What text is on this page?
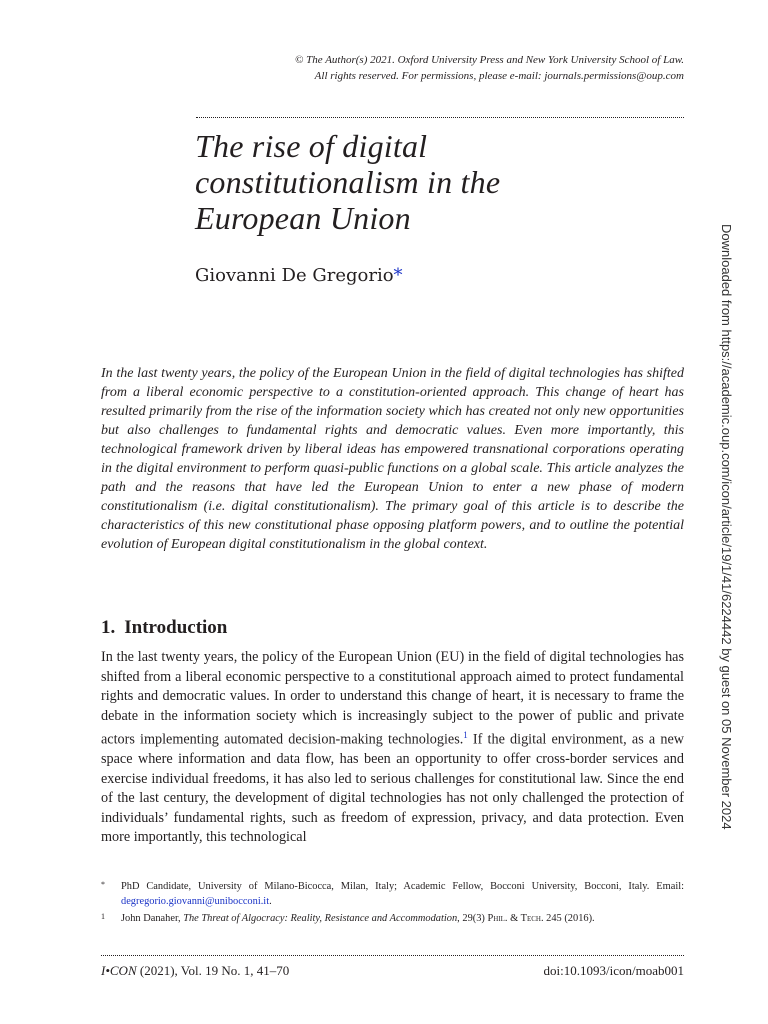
© The Author(s) 2021. Oxford University Press and New York University School of Law.
All rights reserved. For permissions, please e-mail: journals.permissions@oup.com
The rise of digital constitutionalism in the European Union
Giovanni De Gregorio*
In the last twenty years, the policy of the European Union in the field of digital technologies has shifted from a liberal economic perspective to a constitution-oriented approach. This change of heart has resulted primarily from the rise of the information society which has created not only new opportunities but also challenges to fundamental rights and democratic values. Even more importantly, this technological framework driven by liberal ideas has empowered transnational corporations operating in the digital environment to perform quasi-public functions on a global scale. This article analyzes the path and the reasons that have led the European Union to enter a new phase of modern constitutionalism (i.e. digital constitutionalism). The primary goal of this article is to describe the characteristics of this new constitutional phase opposing platform powers, and to outline the potential evolution of European digital constitutionalism in the global context.
1. Introduction
In the last twenty years, the policy of the European Union (EU) in the field of digital technologies has shifted from a liberal economic perspective to a constitutional approach aimed to protect fundamental rights and democratic values. In order to understand this change of heart, it is necessary to frame the debate in the information society which is increasingly subject to the power of public and private actors implementing automated decision-making technologies.$^1$ If the digital environment, as a new space where information and data flow, has been an opportunity to offer cross-border services and exercise individual freedoms, it has also led to serious challenges for constitutional law. Since the end of the last century, the development of digital technologies has not only challenged the protection of individuals’ fundamental rights, such as freedom of expression, privacy, and data protection. Even more importantly, this technological
* PhD Candidate, University of Milano-Bicocca, Milan, Italy; Academic Fellow, Bocconi University, Bocconi, Italy. Email: degregorio.giovanni@unibocconi.it.
1 John Danaher, The Threat of Algocracy: Reality, Resistance and Accommodation, 29(3) Phil. & Tech. 245 (2016).
I•CON (2021), Vol. 19 No. 1, 41–70	doi:10.1093/icon/moab001
Downloaded from https://academic.oup.com/icon/article/19/1/41/6224442 by guest on 05 November 2024
